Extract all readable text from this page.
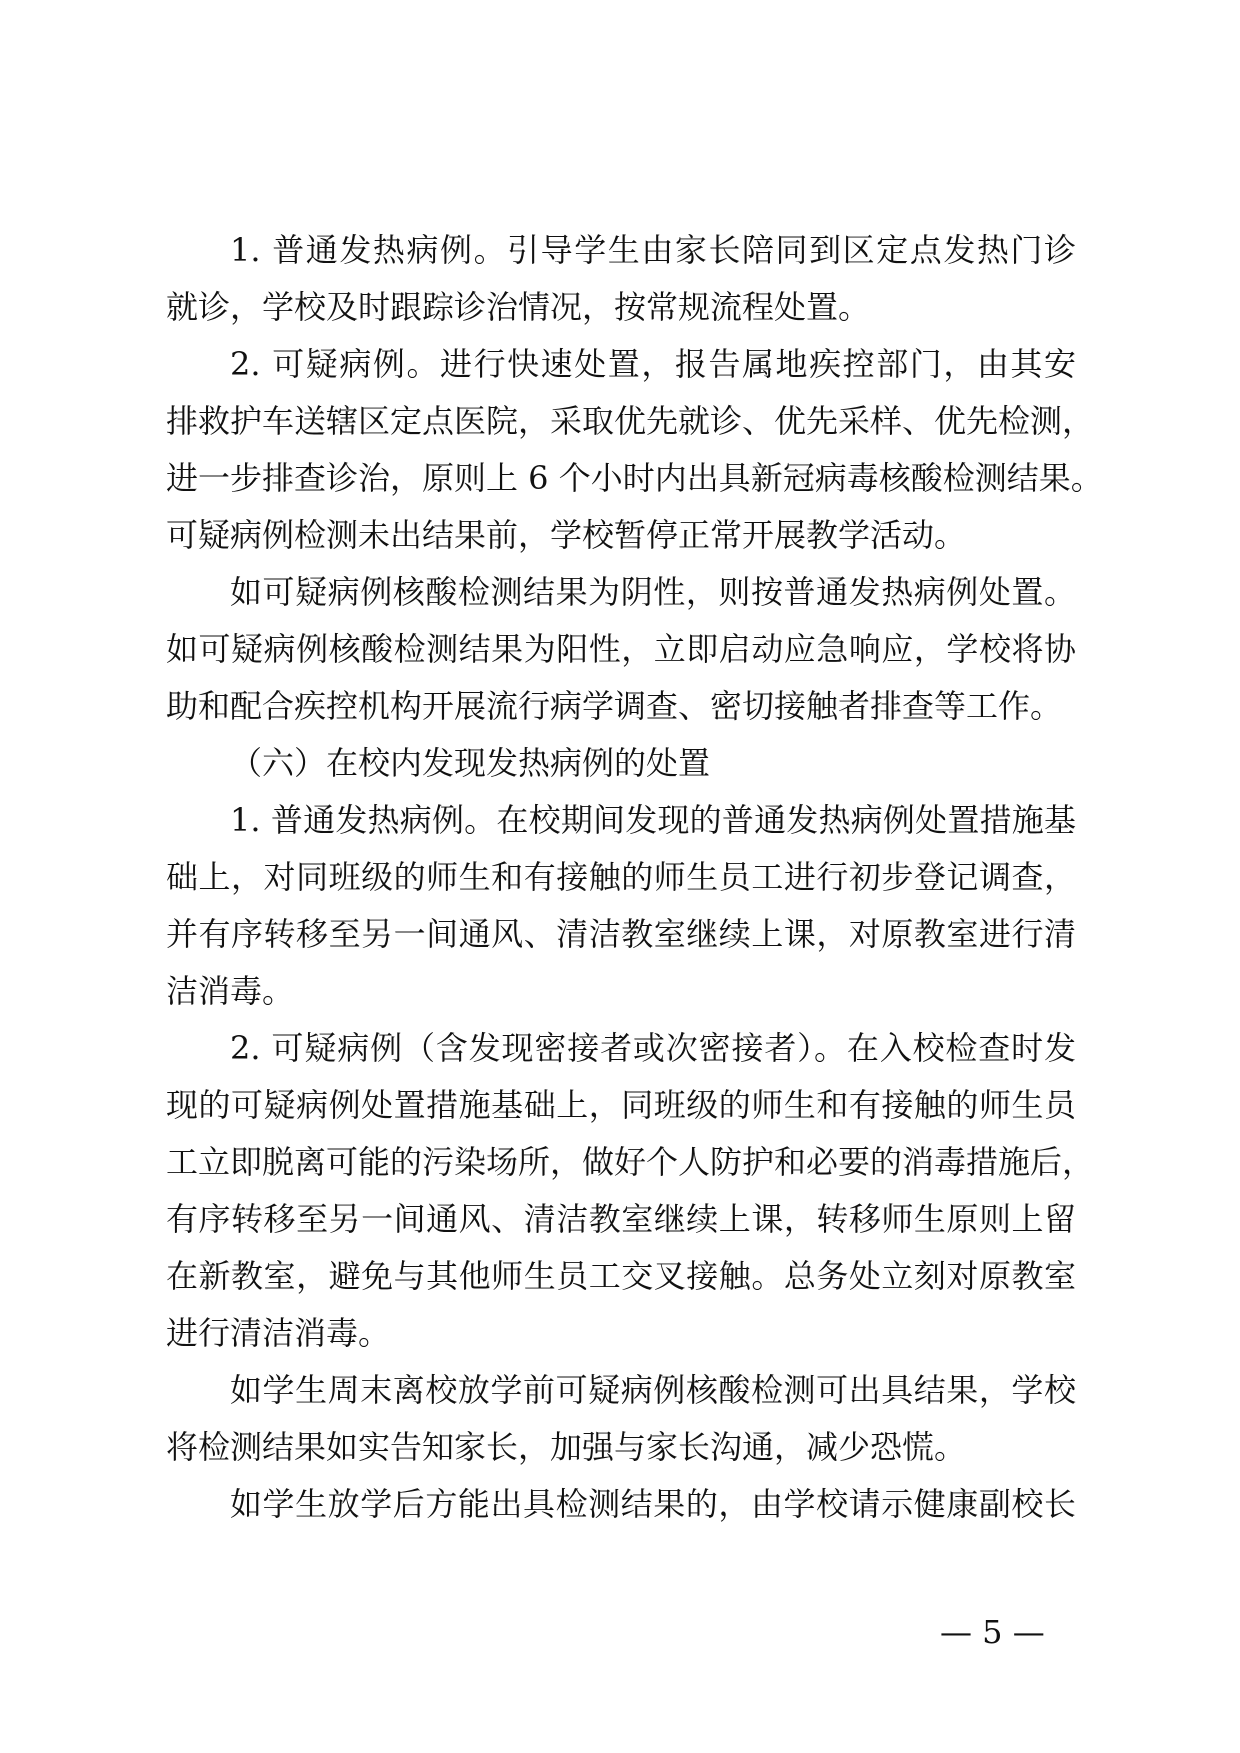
1. 普通发热病例。引导学生由家长陪同到区定点发热门诊
就诊，学校及时跟踪诊治情况，按常规流程处置。
2. 可疑病例。进行快速处置，报告属地疾控部门，由其安
排救护车送辖区定点医院，采取优先就诊、优先采样、优先检测，
进一步排查诊治，原则上 6 个小时内出具新冠病毒核酸检测结果。
可疑病例检测未出结果前，学校暂停正常开展教学活动。
如可疑病例核酸检测结果为阴性，则按普通发热病例处置。
如可疑病例核酸检测结果为阳性，立即启动应急响应，学校将协
助和配合疾控机构开展流行病学调查、密切接触者排查等工作。
（六）在校内发现发热病例的处置
1. 普通发热病例。在校期间发现的普通发热病例处置措施基
础上，对同班级的师生和有接触的师生员工进行初步登记调查，
并有序转移至另一间通风、清洁教室继续上课，对原教室进行清
洁消毒。
2. 可疑病例（含发现密接者或次密接者）。在入校检查时发
现的可疑病例处置措施基础上，同班级的师生和有接触的师生员
工立即脱离可能的污染场所，做好个人防护和必要的消毒措施后，
有序转移至另一间通风、清洁教室继续上课，转移师生原则上留
在新教室，避免与其他师生员工交叉接触。总务处立刻对原教室
进行清洁消毒。
如学生周末离校放学前可疑病例核酸检测可出具结果，学校
将检测结果如实告知家长，加强与家长沟通，减少恐慌。
如学生放学后方能出具检测结果的，由学校请示健康副校长
— 5 —
